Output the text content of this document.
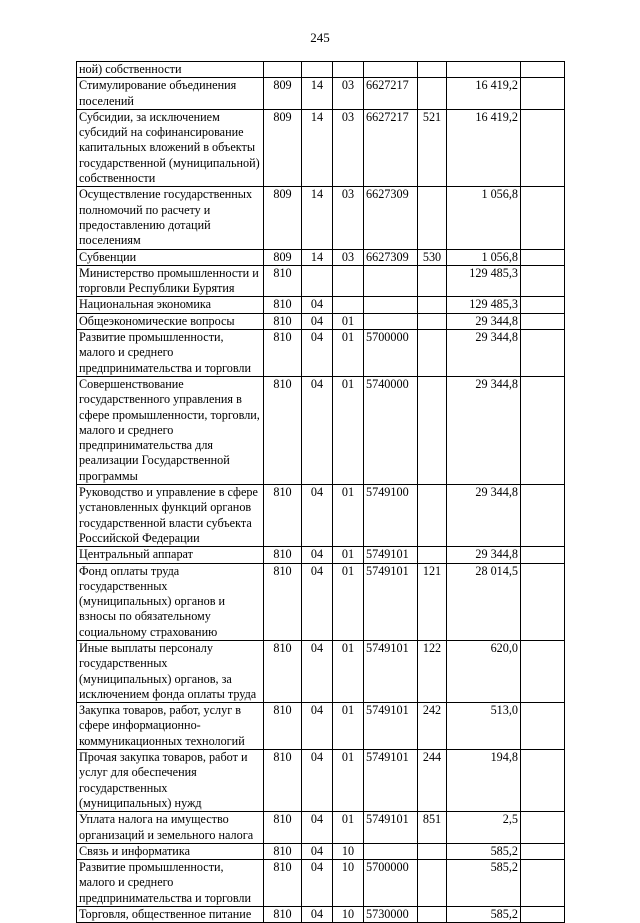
245
ной) собственности							
Стимулирование объединения поселений	809	14	03	6627217		16 419,2	
Субсидии, за исключением субсидий на софинансирование капитальных вложений в объекты государственной (муниципальной) собственности	809	14	03	6627217	521	16 419,2	
Осуществление государственных полномочий по расчету и предоставлению дотаций поселениям	809	14	03	6627309		1 056,8	
Субвенции	809	14	03	6627309	530	1 056,8	
Министерство промышленности и торговли Республики Бурятия	810					129 485,3	
Национальная экономика	810	04				129 485,3	
Общеэкономические вопросы	810	04	01			29 344,8	
Развитие промышленности, малого и среднего предпринимательства и торговли	810	04	01	5700000		29 344,8	
Совершенствование государственного управления в сфере промышленности, торговли, малого и среднего предпринимательства для реализации Государственной программы	810	04	01	5740000		29 344,8	
Руководство и управление в сфере установленных функций органов государственной власти субъекта Российской Федерации	810	04	01	5749100		29 344,8	
Центральный аппарат	810	04	01	5749101		29 344,8	
Фонд оплаты труда государственных (муниципальных) органов и взносы по обязательному социальному страхованию	810	04	01	5749101	121	28 014,5	
Иные выплаты персоналу государственных (муниципальных) органов, за исключением фонда оплаты труда	810	04	01	5749101	122	620,0	
Закупка товаров, работ, услуг в сфере информационно-коммуникационных технологий	810	04	01	5749101	242	513,0	
Прочая закупка товаров, работ и услуг для обеспечения государственных (муниципальных) нужд	810	04	01	5749101	244	194,8	
Уплата налога на имущество организаций и земельного налога	810	04	01	5749101	851	2,5	
Связь и информатика	810	04	10			585,2	
Развитие промышленности, малого и среднего предпринимательства и торговли	810	04	10	5700000		585,2	
Торговля, общественное питание	810	04	10	5730000		585,2	
